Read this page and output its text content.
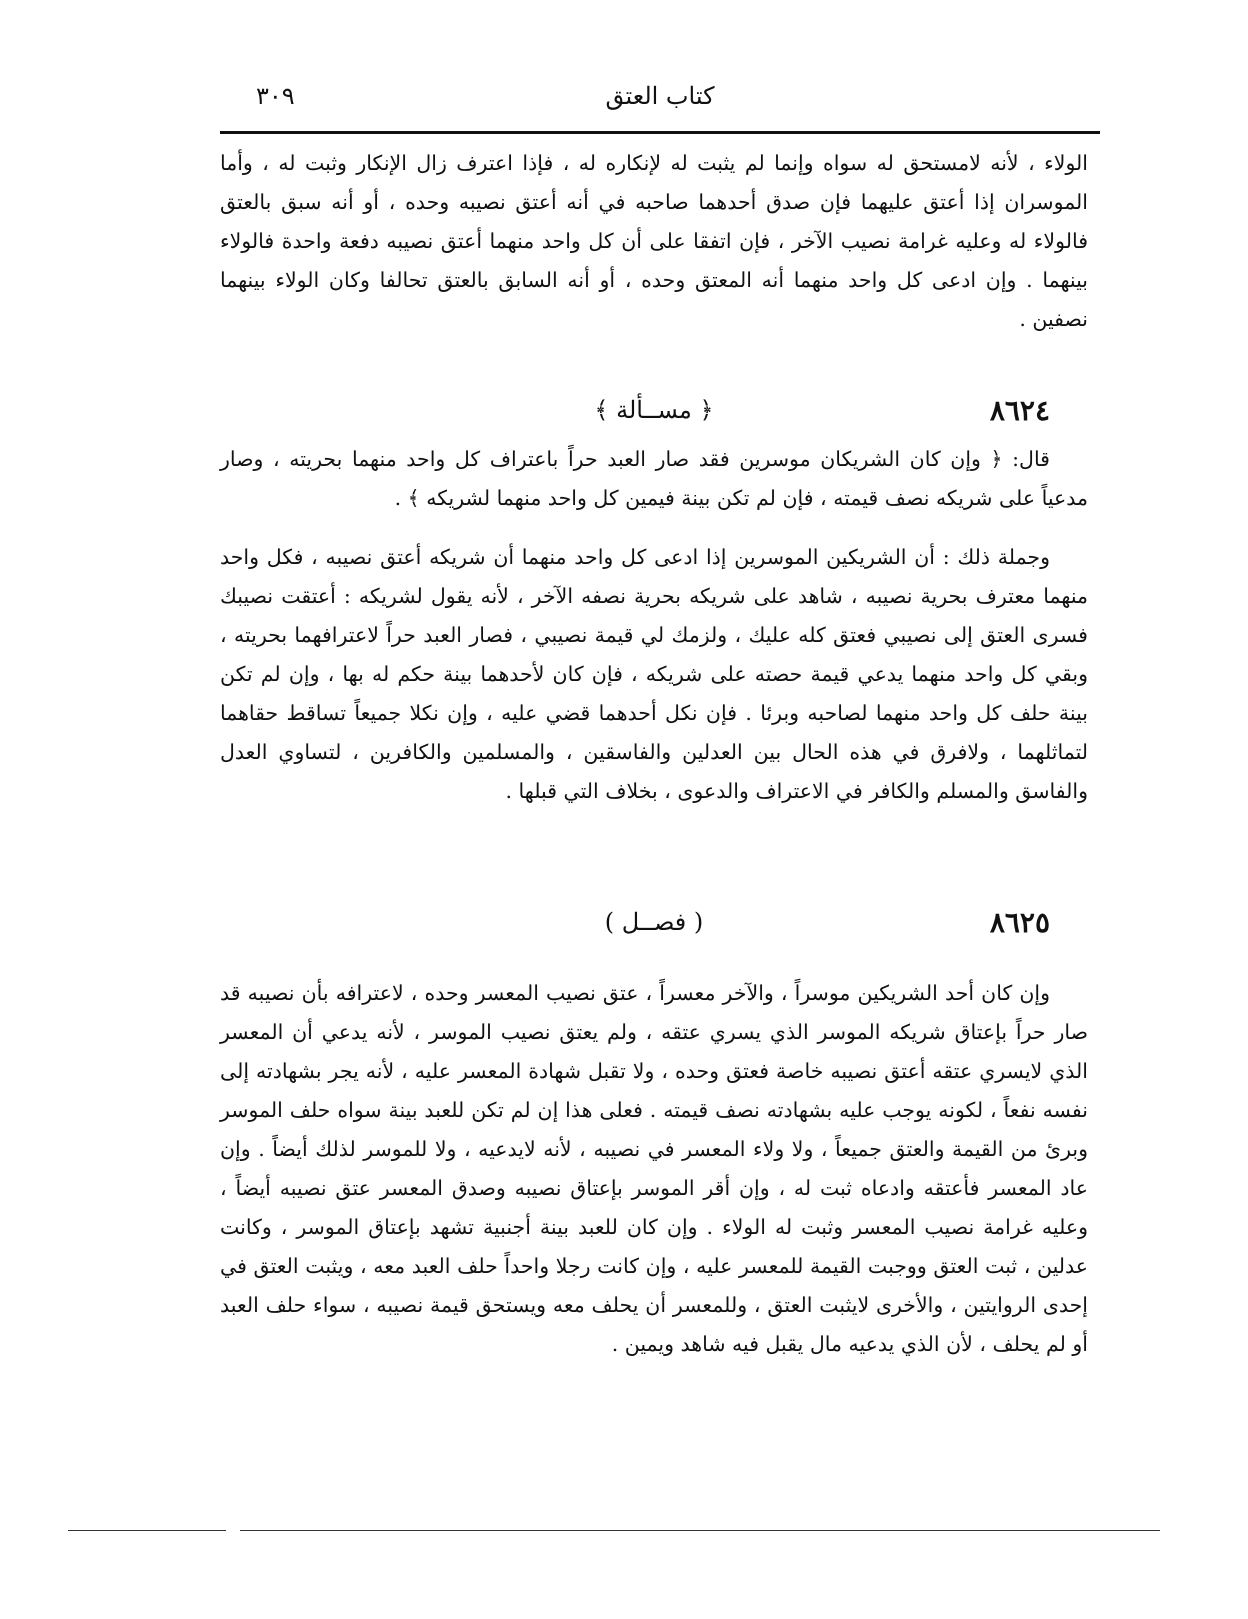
كتاب العتق
٣٠٩

الولاء ، لأنه لامستحق له سواه وإنما لم يثبت له لإنكاره له ، فإذا اعترف زال الإنكار وثبت له ، وأما الموسران إذا أعتق عليهما فإن صدق أحدهما صاحبه في أنه أعتق نصيبه وحده ، أو أنه سبق بالعتق فالولاء له وعليه غرامة نصيب الآخر ، فإن اتفقا على أن كل واحد منهما أعتق نصيبه دفعة واحدة فالولاء بينهما . وإن ادعى كل واحد منهما أنه المعتق وحده ، أو أنه السابق بالعتق تحالفا وكان الولاء بينهما نصفين .

٨٦٢٤
﴿ مســألة ﴾

قال: ﴿ وإن كان الشريكان موسرين فقد صار العبد حراً باعتراف كل واحد منهما بحريته ، وصار مدعياً على شريكه نصف قيمته ، فإن لم تكن بينة فيمين كل واحد منهما لشريكه ﴾ .

وجملة ذلك : أن الشريكين الموسرين إذا ادعى كل واحد منهما أن شريكه أعتق نصيبه ، فكل واحد منهما معترف بحرية نصيبه ، شاهد على شريكه بحرية نصفه الآخر ، لأنه يقول لشريكه : أعتقت نصيبك فسرى العتق إلى نصيبي فعتق كله عليك ، ولزمك لي قيمة نصيبي ، فصار العبد حراً لاعترافهما بحريته ، وبقي كل واحد منهما يدعي قيمة حصته على شريكه ، فإن كان لأحدهما بينة حكم له بها ، وإن لم تكن بينة حلف كل واحد منهما لصاحبه وبرئا . فإن نكل أحدهما قضي عليه ، وإن نكلا جميعاً تساقط حقاهما لتماثلهما ، ولافرق في هذه الحال بين العدلين والفاسقين ، والمسلمين والكافرين ، لتساوي العدل والفاسق والمسلم والكافر في الاعتراف والدعوى ، بخلاف التي قبلها .

٨٦٢٥
( فصــل )

وإن كان أحد الشريكين موسراً ، والآخر معسراً ، عتق نصيب المعسر وحده ، لاعترافه بأن نصيبه قد صار حراً بإعتاق شريكه الموسر الذي يسري عتقه ، ولم يعتق نصيب الموسر ، لأنه يدعي أن المعسر الذي لايسري عتقه أعتق نصيبه خاصة فعتق وحده ، ولا تقبل شهادة المعسر عليه ، لأنه يجر بشهادته إلى نفسه نفعاً ، لكونه يوجب عليه بشهادته نصف قيمته . فعلى هذا إن لم تكن للعبد بينة سواه حلف الموسر وبرئ من القيمة والعتق جميعاً ، ولا ولاء المعسر في نصيبه ، لأنه لايدعيه ، ولا للموسر لذلك أيضاً . وإن عاد المعسر فأعتقه وادعاه ثبت له ، وإن أقر الموسر بإعتاق نصيبه وصدق المعسر عتق نصيبه أيضاً ، وعليه غرامة نصيب المعسر وثبت له الولاء . وإن كان للعبد بينة أجنبية تشهد بإعتاق الموسر ، وكانت عدلين ، ثبت العتق ووجبت القيمة للمعسر عليه ، وإن كانت رجلا واحداً حلف العبد معه ، ويثبت العتق في إحدى الروايتين ، والأخرى لايثبت العتق ، وللمعسر أن يحلف معه ويستحق قيمة نصيبه ، سواء حلف العبد أو لم يحلف ، لأن الذي يدعيه مال يقبل فيه شاهد ويمين .
